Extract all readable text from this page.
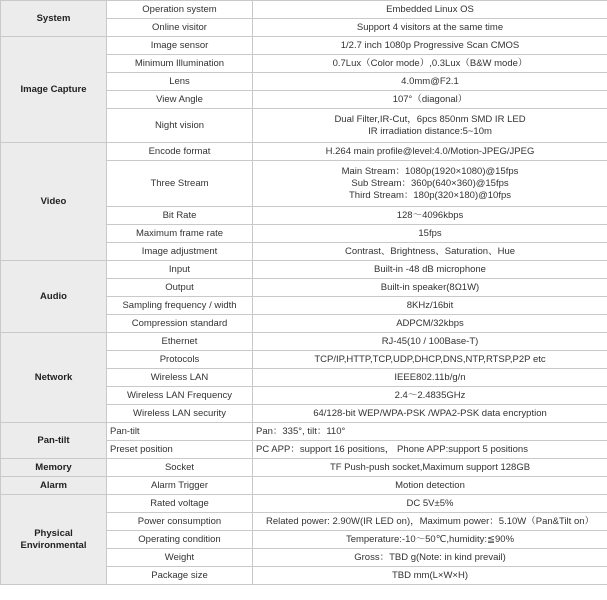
System	Operation system	Embedded Linux OS

	Online visitor	Support 4 visitors at the same time

Image Capture	Image sensor	1/2.7 inch 1080p Progressive Scan CMOS

	Minimum Illumination	0.7Lux（Color mode）,0.3Lux（B&W mode）

	Lens	4.0mm@F2.1

	View Angle	107°（diagonal）

	Night vision	Dual Filter,IR-Cut，6pcs 850nm SMD IR LED
IR irradiation distance:5~10m

Video	Encode format	H.264 main profile@level:4.0/Motion-JPEG/JPEG

	Three Stream	Main Stream：1080p(1920×1080)@15fps
Sub Stream：360p(640×360)@15fps
Third Stream：180p(320×180)@10fps

	Bit Rate	128～4096kbps

	Maximum frame rate	15fps

	Image adjustment	Contrast、Brightness、Saturation、Hue

Audio	Input	Built-in -48 dB microphone

	Output	Built-in speaker(8Ω1W)

	Sampling frequency / width	8KHz/16bit

	Compression standard	ADPCM/32kbps

Network	Ethernet	RJ-45(10 / 100Base-T)

	Protocols	TCP/IP,HTTP,TCP,UDP,DHCP,DNS,NTP,RTSP,P2P etc

	Wireless LAN	IEEE802.11b/g/n

	Wireless LAN Frequency	2.4～2.4835GHz

	Wireless LAN security	64/128-bit WEP/WPA-PSK /WPA2-PSK data encryption

Pan-tilt	Pan-tilt	Pan：335°, tilt：110°

	Preset position	PC APP：support 16 positions， Phone APP:support 5 positions

Memory	Socket	TF Push-push socket,Maximum support 128GB

Alarm	Alarm Trigger	Motion detection

Physical
Environmental	Rated voltage	DC 5V±5%

	Power consumption	Related power: 2.90W(IR LED on)，Maximum power：5.10W（Pan&Tilt on）

	Operating condition	Temperature:-10～50℃,humidity:≦90%

	Weight	Gross：TBD g(Note: in kind prevail)

	Package size	TBD mm(L×W×H)
